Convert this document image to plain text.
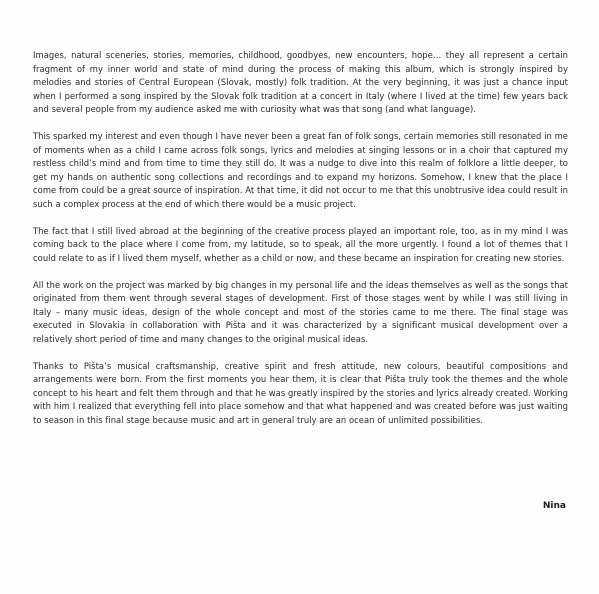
Images, natural sceneries, stories, memories, childhood, goodbyes, new encounters, hope… they all represent a certain fragment of my inner world and state of mind during the process of making this album, which is strongly inspired by melodies and stories of Central European (Slovak, mostly) folk tradition. At the very beginning, it was just a chance input when I performed a song inspired by the Slovak folk tradition at a concert in Italy (where I lived at the time) few years back and several people from my audience asked me with curiosity what was that song (and what language).

This sparked my interest and even though I have never been a great fan of folk songs, certain memories still resonated in me of moments when as a child I came across folk songs, lyrics and melodies at singing lessons or in a choir that captured my restless child’s mind and from time to time they still do. It was a nudge to dive into this realm of folklore a little deeper, to get my hands on authentic song collections and recordings and to expand my horizons. Somehow, I knew that the place I come from could be a great source of inspiration. At that time, it did not occur to me that this unobtrusive idea could result in such a complex process at the end of which there would be a music project.

The fact that I still lived abroad at the beginning of the creative process played an important role, too, as in my mind I was coming back to the place where I come from, my latitude, so to speak, all the more urgently. I found a lot of themes that I could relate to as if I lived them myself, whether as a child or now, and these became an inspiration for creating new stories.

All the work on the project was marked by big changes in my personal life and the ideas themselves as well as the songs that originated from them went through several stages of development. First of those stages went by while I was still living in Italy – many music ideas, design of the whole concept and most of the stories came to me there. The final stage was executed in Slovakia in collaboration with Pišta and it was characterized by a significant musical development over a relatively short period of time and many changes to the original musical ideas.

Thanks to Pišta’s musical craftsmanship, creative spirit and fresh attitude, new colours, beautiful compositions and arrangements were born. From the first moments you hear them, it is clear that Pišta truly took the themes and the whole concept to his heart and felt them through and that he was greatly inspired by the stories and lyrics already created. Working with him I realized that everything fell into place somehow and that what happened and was created before was just waiting to season in this final stage because music and art in general truly are an ocean of unlimited possibilities.

Nina
